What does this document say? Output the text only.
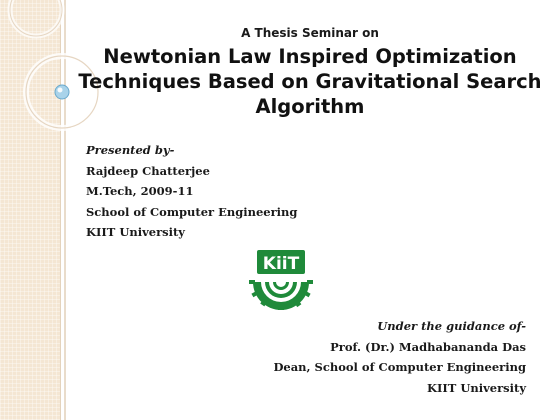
A Thesis Seminar on

Newtonian Law Inspired Optimization
Techniques Based on Gravitational Search
Algorithm
Presented by-
Rajdeep Chatterjee
M.Tech, 2009-11
School of Computer Engineering
KIIT University
KiiT
Under the guidance of-
Prof. (Dr.) Madhabananda Das
Dean, School of Computer Engineering
KIIT University
